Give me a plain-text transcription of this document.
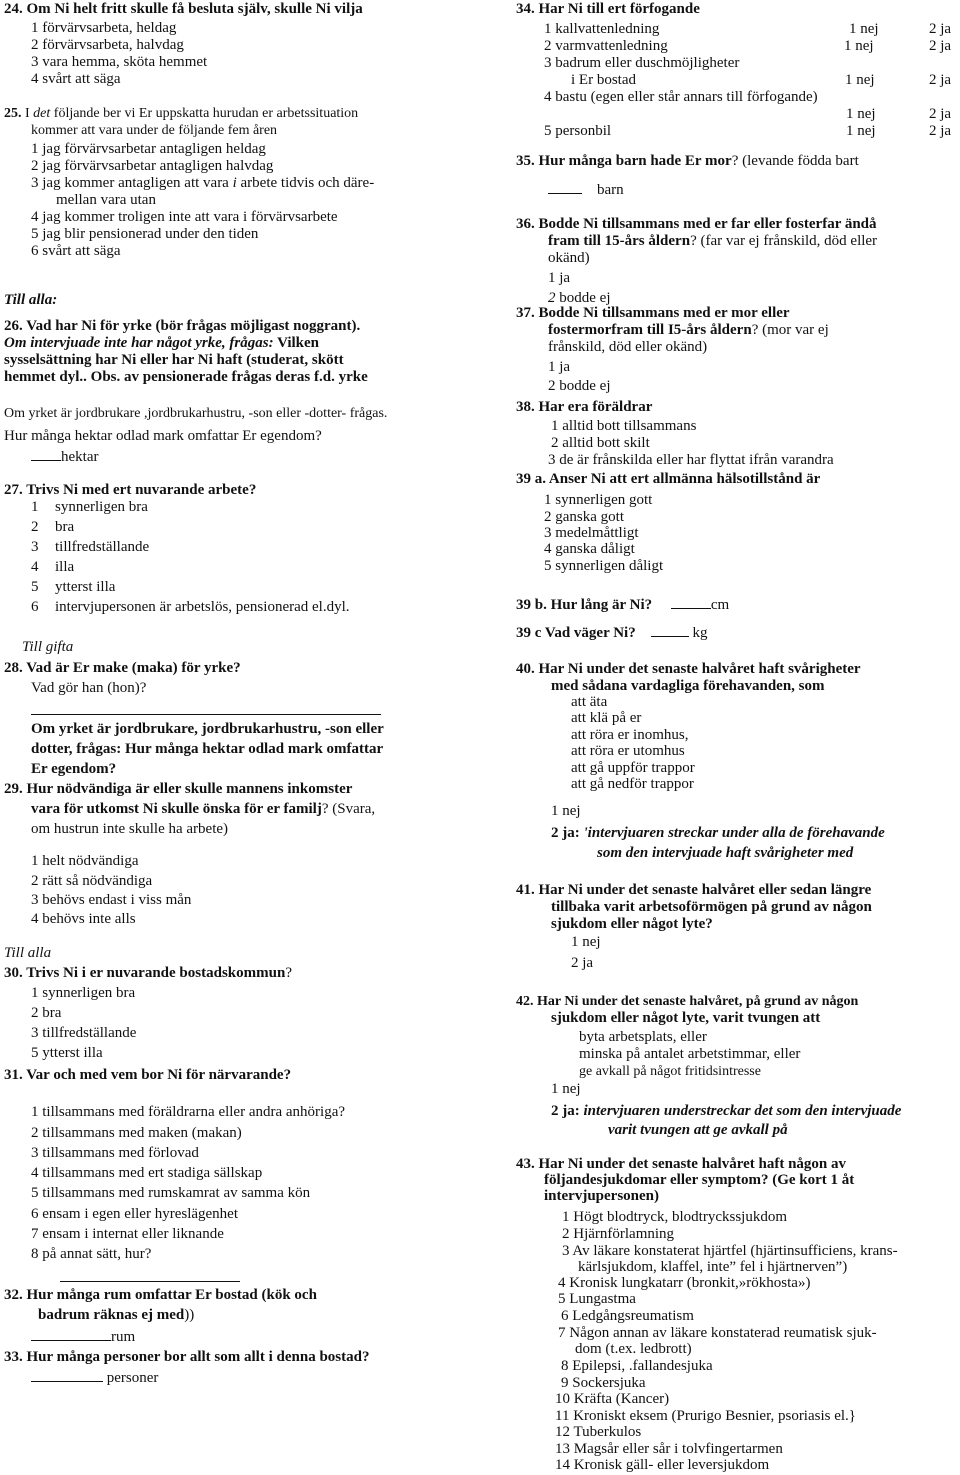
24. Om Ni helt fritt skulle få besluta själv, skulle Ni vilja
1 förvärvsarbeta, heldag
2 förvärvsarbeta, halvdag
3 vara hemma, sköta hemmet
4 svårt att säga
25. I det följande ber vi Er uppskatta hurudan er arbetssituation
kommer att vara under de följande fem åren
1 jag förvärvsarbetar antagligen heldag
2 jag förvärvsarbetar antagligen halvdag
3 jag kommer antagligen att vara i arbete tidvis och däre-
mellan vara utan
4 jag kommer troligen inte att vara i förvärvsarbete
5 jag blir pensionerad under den tiden
6 svårt att säga
Till alla:
26. Vad har Ni för yrke (bör frågas möjligast noggrant).
Om intervjuade inte har något yrke, frågas: Vilken
sysselsättning har Ni eller har Ni haft (studerat, skött
hemmet dyl.. Obs. av pensionerade frågas deras f.d. yrke
Om yrket är jordbrukare ,jordbrukarhustru, -son eller -dotter- frågas.
Hur många hektar odlad mark omfattar Er egendom?
hektar
27. Trivs Ni med ert nuvarande arbete?
1 synnerligen bra
2 bra
3 tillfredställande
4 illa
5 ytterst illa
6 intervjupersonen är arbetslös, pensionerad el.dyl.
Till gifta
28. Vad är Er make (maka) för yrke?
Vad gör han (hon)?
Om yrket är jordbrukare, jordbrukarhustru, -son eller
dotter, frågas: Hur många hektar odlad mark omfattar
Er egendom?
29. Hur nödvändiga är eller skulle mannens inkomster
vara för utkomst Ni skulle önska för er familj? (Svara,
om hustrun inte skulle ha arbete)
1 helt nödvändiga
2 rätt så nödvändiga
3 behövs endast i viss mån
4 behövs inte alls
Till alla
30. Trivs Ni i er nuvarande bostadskommun?
1 synnerligen bra
2 bra
3 tillfredställande
5 ytterst illa
31. Var och med vem bor Ni för närvarande?
1 tillsammans med föräldrarna eller andra anhöriga?
2 tillsammans med maken (makan)
3 tillsammans med förlovad
4 tillsammans med ert stadiga sällskap
5 tillsammans med rumskamrat av samma kön
6 ensam i egen eller hyreslägenhet
7 ensam i internat eller liknande
8 på annat sätt, hur?
32. Hur många rum omfattar Er bostad (kök och
badrum räknas ej med))
rum
33. Hur många personer bor allt som allt i denna bostad?
personer
34. Har Ni till ert förfogande
1 kallvattenledning	1 nej	2 ja
2 varmvattenledning	1 nej	2 ja
3 badrum eller duschmöjligheter
i Er bostad	1 nej	2 ja
4 bastu (egen eller står annars till förfogande)
1 nej	2 ja
5 personbil	1 nej	2 ja
35. Hur många barn hade Er mor? (levande födda bart
barn
36. Bodde Ni tillsammans med er far eller fosterfar ändå
fram till 15-års åldern? (far var ej frånskild, död eller
okänd)
1 ja
2 bodde ej
37. Bodde Ni tillsammans med er mor eller
fostermorfram till I5-års åldern? (mor var ej
frånskild, död eller okänd)
1 ja
2 bodde ej
38. Har era föräldrar
1 alltid bott tillsammans
2 alltid bott skilt
3 de är frånskilda eller har flyttat ifrån varandra
39 a. Anser Ni att ert allmänna hälsotillstånd är
1 synnerligen gott
2 ganska gott
3 medelmåttligt
4 ganska dåligt
5 synnerligen dåligt
39 b. Hur lång är Ni?	cm
39 c Vad väger Ni?	kg
40. Har Ni under det senaste halvåret haft svårigheter
med sådana vardagliga förehavanden, som
att äta
att klä på er
att röra er inomhus,
att röra er utomhus
att gå uppför trappor
att gå nedför trappor
1 nej
2 ja: 'intervjuaren streckar under alla de förehavande
som den intervjuade haft svårigheter med
41. Har Ni under det senaste halvåret eller sedan längre
tillbaka varit arbetsoförmögen på grund av någon
sjukdom eller något lyte?
1 nej
2 ja
42. Har Ni under det senaste halvåret, på grund av någon
sjukdom eller något lyte, varit tvungen att
byta arbetsplats, eller
minska på antalet arbetstimmar, eller
ge avkall på något fritidsintresse
1 nej
2 ja: intervjuaren understreckar det som den intervjuade
varit tvungen att ge avkall på
43. Har Ni under det senaste halvåret haft någon av
följandesjukdomar eller symptom? (Ge kort 1 åt
intervjupersonen)
1 Högt blodtryck, blodtryckssjukdom
2 Hjärnförlamning
3 Av läkare konstaterat hjärtfel (hjärtinsufficiens, krans-
kärlsjukdom, klaffel, inte” fel i hjärtnerven”)
4 Kronisk lungkatarr (bronkit,»rökhosta»)
5 Lungastma
6 Ledgångsreumatism
7 Någon annan av läkare konstaterad reumatisk sjuk-
dom (t.ex. ledbrott)
8 Epilepsi, .fallandesjuka
9 Sockersjuka
10 Kräfta (Kancer)
11 Kroniskt eksem (Prurigo Besnier, psoriasis el.}
12 Tuberkulos
13 Magsår eller sår i tolvfingertarmen
14 Kronisk gäll- eller leversjukdom
